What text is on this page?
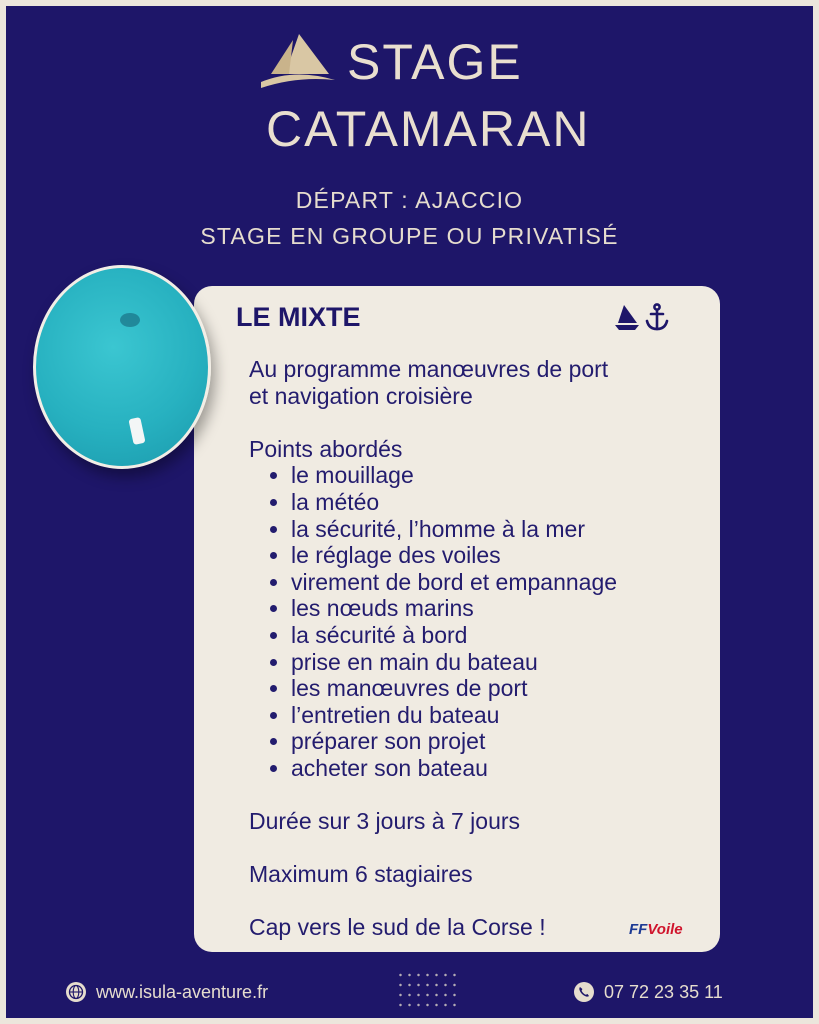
STAGE
CATAMARAN
DÉPART : AJACCIO
STAGE EN GROUPE OU PRIVATISÉ
LE MIXTE

Au programme manœuvres de port

et navigation croisière

Points abordés

• le mouillage
• la météo
• la sécurité, l’homme à la mer
• le réglage des voiles
• virement de bord et empannage
• les nœuds marins
• la sécurité à bord
• prise en main du bateau
• les manœuvres de port
• l’entretien du bateau
• préparer son projet
• acheter son bateau

Durée sur 3 jours à 7 jours

Maximum 6 stagiaires

Cap vers le sud de la Corse !	FFVoile
www.isula-aventure.fr	07 72 23 35 11
